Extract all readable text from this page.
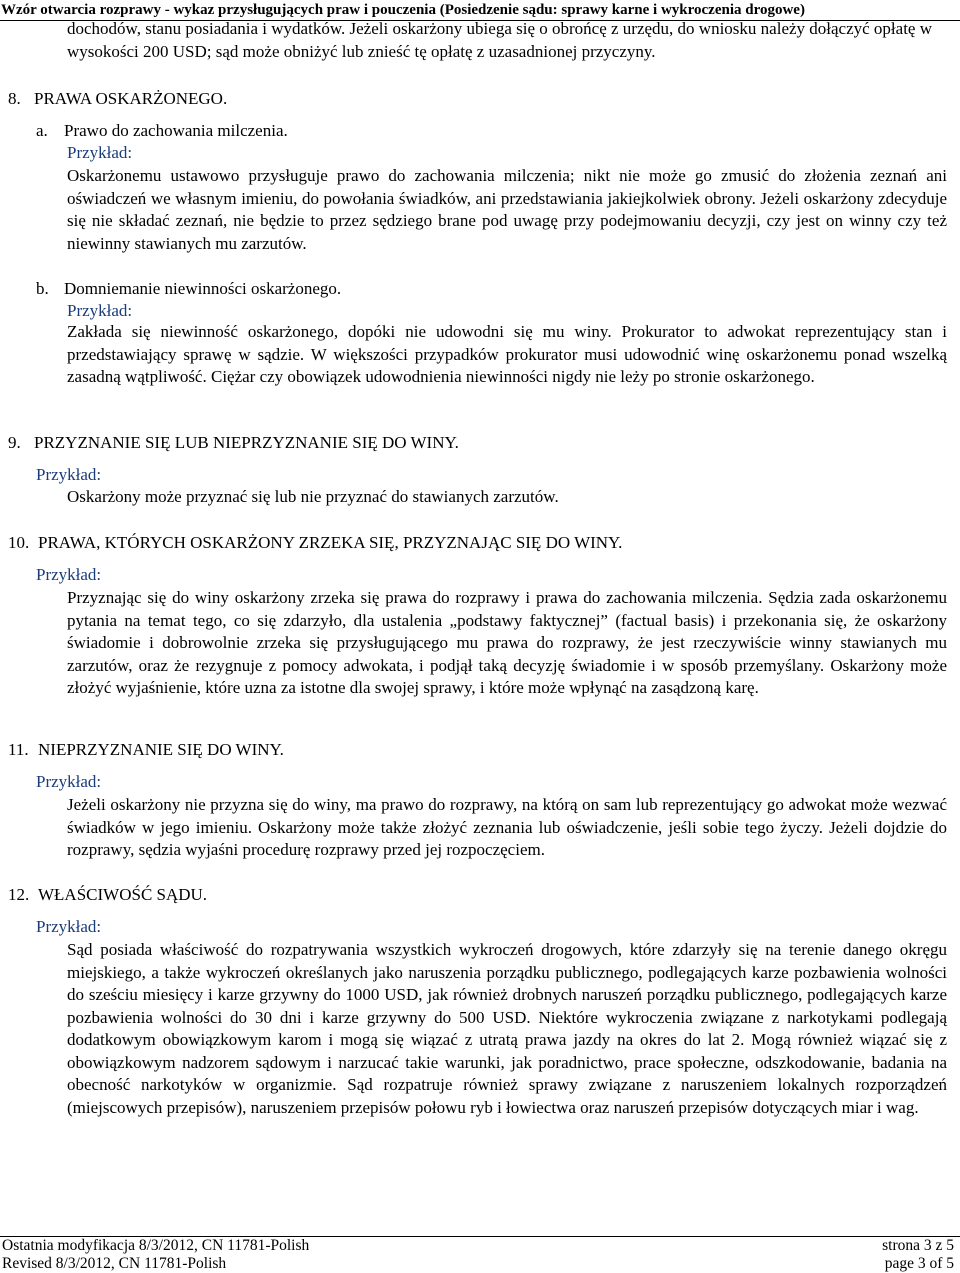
Wzór otwarcia rozprawy - wykaz przysługujących praw i pouczenia (Posiedzenie sądu: sprawy karne i wykroczenia drogowe)

dochodów, stanu posiadania i wydatków. Jeżeli oskarżony ubiega się o obrońcę z urzędu, do wniosku należy dołączyć opłatę w wysokości 200 USD; sąd może obniżyć lub znieść tę opłatę z uzasadnionej przyczyny.

8. PRAWA OSKARŻONEGO.
a. Prawo do zachowania milczenia.
Przykład:

Oskarżonemu ustawowo przysługuje prawo do zachowania milczenia; nikt nie może go zmusić do złożenia zeznań ani oświadczeń we własnym imieniu, do powołania świadków, ani przedstawiania jakiejkolwiek obrony. Jeżeli oskarżony zdecyduje się nie składać zeznań, nie będzie to przez sędziego brane pod uwagę przy podejmowaniu decyzji, czy jest on winny czy też niewinny stawianych mu zarzutów.

b. Domniemanie niewinności oskarżonego.
Przykład:

Zakłada się niewinność oskarżonego, dopóki nie udowodni się mu winy. Prokurator to adwokat reprezentujący stan i przedstawiający sprawę w sądzie. W większości przypadków prokurator musi udowodnić winę oskarżonemu ponad wszelką zasadną wątpliwość. Ciężar czy obowiązek udowodnienia niewinności nigdy nie leży po stronie oskarżonego.

9. PRZYZNANIE SIĘ LUB NIEPRZYZNANIE SIĘ DO WINY.
Przykład:

Oskarżony może przyznać się lub nie przyznać do stawianych zarzutów.

10. PRAWA, KTÓRYCH OSKARŻONY ZRZEKA SIĘ, PRZYZNAJĄC SIĘ DO WINY.
Przykład:

Przyznając się do winy oskarżony zrzeka się prawa do rozprawy i prawa do zachowania milczenia. Sędzia zada oskarżonemu pytania na temat tego, co się zdarzyło, dla ustalenia „podstawy faktycznej” (factual basis) i przekonania się, że oskarżony świadomie i dobrowolnie zrzeka się przysługującego mu prawa do rozprawy, że jest rzeczywiście winny stawianych mu zarzutów, oraz że rezygnuje z pomocy adwokata, i podjął taką decyzję świadomie i w sposób przemyślany. Oskarżony może złożyć wyjaśnienie, które uzna za istotne dla swojej sprawy, i które może wpłynąć na zasądzoną karę.

11. NIEPRZYZNANIE SIĘ DO WINY.
Przykład:

Jeżeli oskarżony nie przyzna się do winy, ma prawo do rozprawy, na którą on sam lub reprezentujący go adwokat może wezwać świadków w jego imieniu. Oskarżony może także złożyć zeznania lub oświadczenie, jeśli sobie tego życzy. Jeżeli dojdzie do rozprawy, sędzia wyjaśni procedurę rozprawy przed jej rozpoczęciem.

12. WŁAŚCIWOŚĆ SĄDU.
Przykład:

Sąd posiada właściwość do rozpatrywania wszystkich wykroczeń drogowych, które zdarzyły się na terenie danego okręgu miejskiego, a także wykroczeń określanych jako naruszenia porządku publicznego, podlegających karze pozbawienia wolności do sześciu miesięcy i karze grzywny do 1000 USD, jak również drobnych naruszeń porządku publicznego, podlegających karze pozbawienia wolności do 30 dni i karze grzywny do 500 USD. Niektóre wykroczenia związane z narkotykami podlegają dodatkowym obowiązkowym karom i mogą się wiązać z utratą prawa jazdy na okres do lat 2. Mogą również wiązać się z obowiązkowym nadzorem sądowym i narzucać takie warunki, jak poradnictwo, prace społeczne, odszkodowanie, badania na obecność narkotyków w organizmie. Sąd rozpatruje również sprawy związane z naruszeniem lokalnych rozporządzeń (miejscowych przepisów), naruszeniem przepisów połowu ryb i łowiectwa oraz naruszeń przepisów dotyczących miar i wag.

Ostatnia modyfikacja 8/3/2012, CN 11781-Polish
Revised 8/3/2012, CN 11781-Polish
strona 3 z 5
page 3 of 5
